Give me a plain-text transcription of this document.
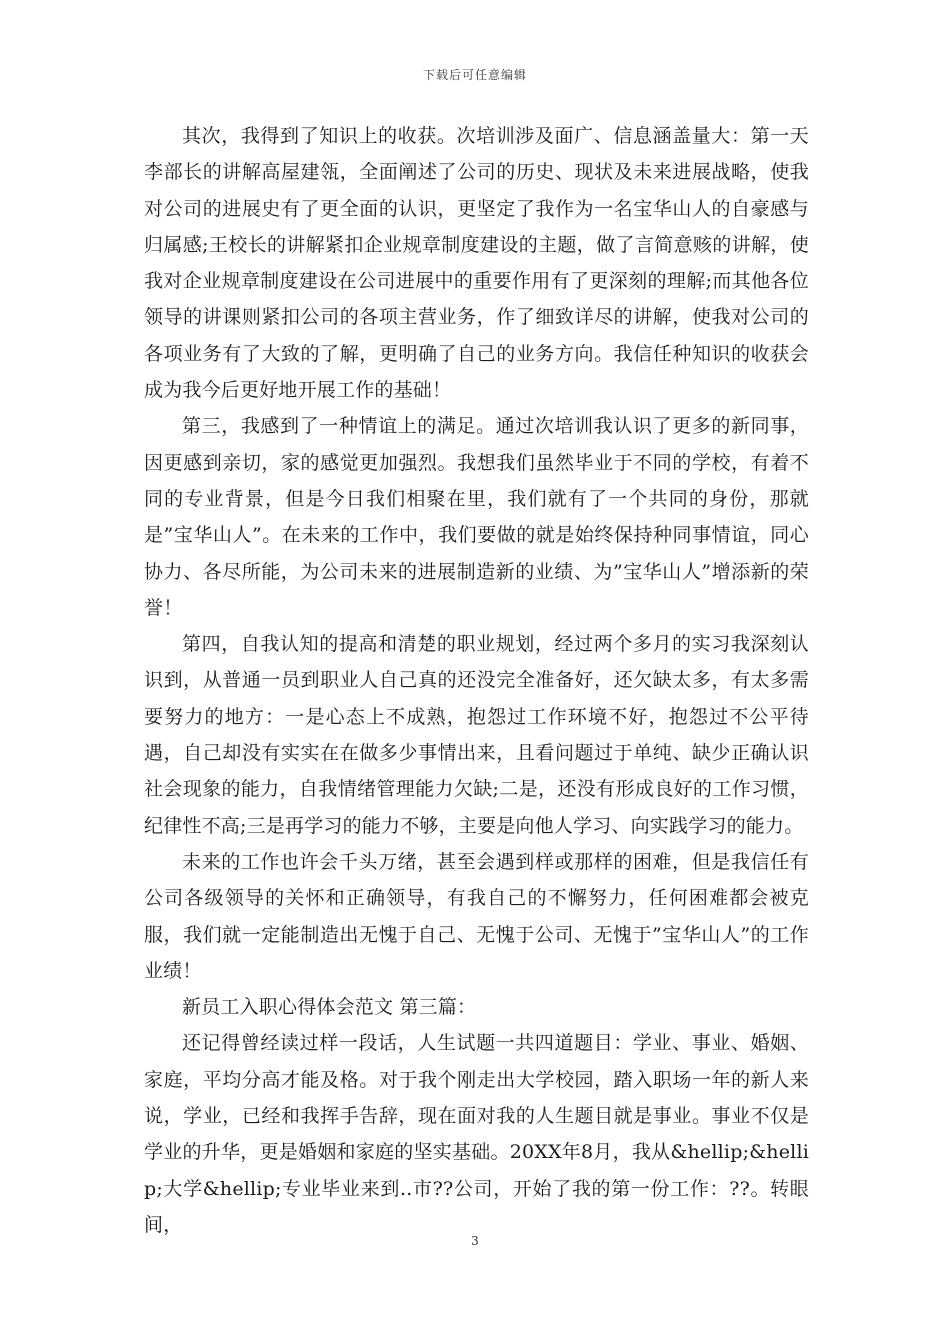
下载后可任意编辑

其次，我得到了知识上的收获。次培训涉及面广、信息涵盖量大：第一天李部长的讲解高屋建瓴，全面阐述了公司的历史、现状及未来进展战略，使我对公司的进展史有了更全面的认识，更坚定了我作为一名宝华山人的自豪感与归属感;王校长的讲解紧扣企业规章制度建设的主题，做了言简意赅的讲解，使我对企业规章制度建设在公司进展中的重要作用有了更深刻的理解;而其他各位领导的讲课则紧扣公司的各项主营业务，作了细致详尽的讲解，使我对公司的各项业务有了大致的了解，更明确了自己的业务方向。我信任种知识的收获会成为我今后更好地开展工作的基础！

第三，我感到了一种情谊上的满足。通过次培训我认识了更多的新同事，因更感到亲切，家的感觉更加强烈。我想我们虽然毕业于不同的学校，有着不同的专业背景，但是今日我们相聚在里，我们就有了一个共同的身份，那就是”宝华山人”。在未来的工作中，我们要做的就是始终保持种同事情谊，同心协力、各尽所能，为公司未来的进展制造新的业绩、为”宝华山人”增添新的荣誉！

第四，自我认知的提高和清楚的职业规划，经过两个多月的实习我深刻认识到，从普通一员到职业人自己真的还没完全准备好，还欠缺太多，有太多需要努力的地方：一是心态上不成熟，抱怨过工作环境不好，抱怨过不公平待遇，自己却没有实实在在做多少事情出来，且看问题过于单纯、缺少正确认识社会现象的能力，自我情绪管理能力欠缺;二是，还没有形成良好的工作习惯，纪律性不高;三是再学习的能力不够，主要是向他人学习、向实践学习的能力。

未来的工作也许会千头万绪，甚至会遇到样或那样的困难，但是我信任有公司各级领导的关怀和正确领导，有我自己的不懈努力，任何困难都会被克服，我们就一定能制造出无愧于自己、无愧于公司、无愧于”宝华山人”的工作业绩！

新员工入职心得体会范文 第三篇：

还记得曾经读过样一段话，人生试题一共四道题目：学业、事业、婚姻、家庭，平均分高才能及格。对于我个刚走出大学校园，踏入职场一年的新人来说，学业，已经和我挥手告辞，现在面对我的人生题目就是事业。事业不仅是学业的升华，更是婚姻和家庭的坚实基础。20XX年8月，我从&hellip;&hellip;大学&hellip;专业毕业来到..市??公司，开始了我的第一份工作：??。转眼间，

3
